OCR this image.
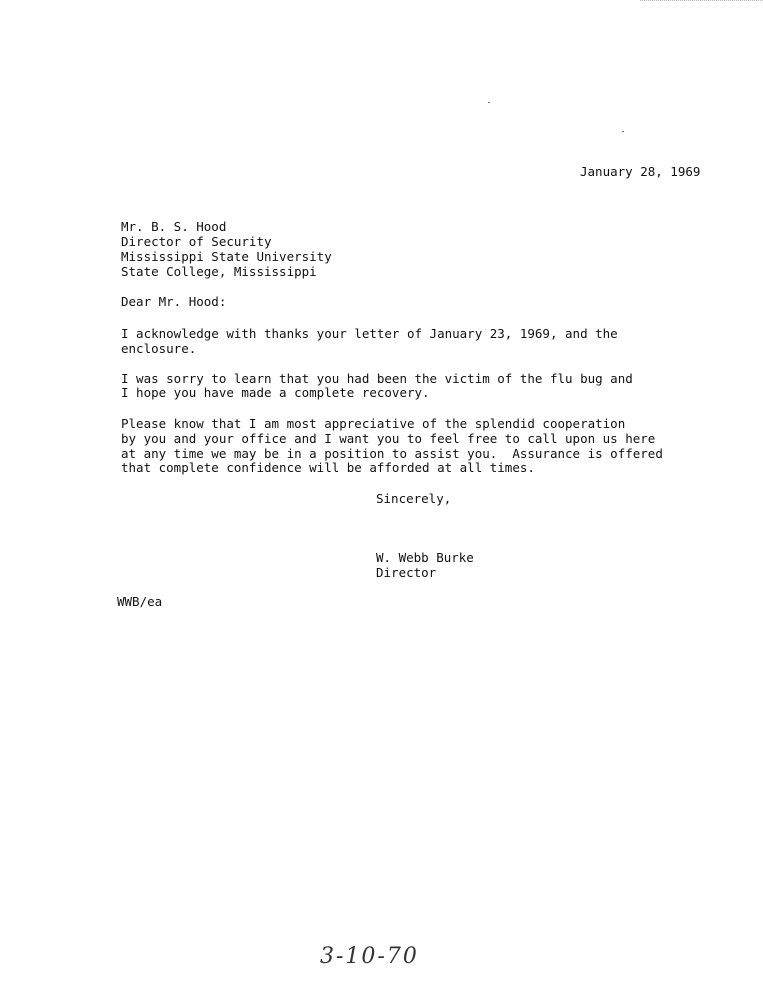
January 28, 1969

Mr. B. S. Hood

Director of Security

Mississippi State University

State College, Mississippi

Dear Mr. Hood:

I acknowledge with thanks your letter of January 23, 1969, and the

enclosure.

I was sorry to learn that you had been the victim of the flu bug and

I hope you have made a complete recovery.

Please know that I am most appreciative of the splendid cooperation

by you and your office and I want you to feel free to call upon us here

at any time we may be in a position to assist you.  Assurance is offered

that complete confidence will be afforded at all times.

Sincerely,

W. Webb Burke

Director

WWB/ea

3-10-70
